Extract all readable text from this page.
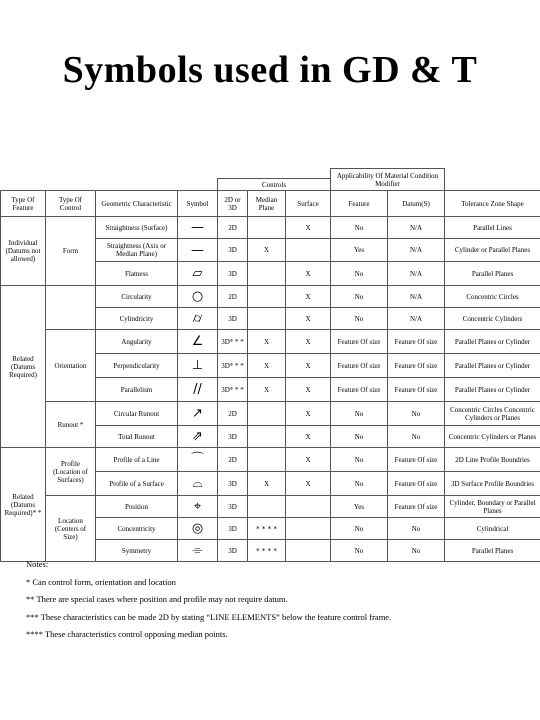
Symbols used in GD & T
							Applicability Of Material Condition Modifier		
				Controls					
Type Of Feature	Type Of Control	Geometric Characteristic	Symbol	2D or 3D	Median Plane	Surface	Feature	Datum(S)	Tolerance Zone Shape
Individual (Datums not allowed)	Form	Straightness (Surface)	—	2D		X	No	N/A	Parallel Lines
		Straightness (Axis or Median Plane)	—	3D	X		Yes	N/A	Cylinder or Parallel Planes
		Flatness	▱	3D		X	No	N/A	Parallel Planes
Related (Datums Required)		Circularity	○	2D		X	No	N/A	Concentric Circles
		Cylindricity	⌭	3D		X	No	N/A	Concentric Cylinders
	Orientation	Angularity	∠	3D* * *	X	X	Feature Of size	Feature Of size	Parallel Planes or Cylinder
		Perpendicularity	⊥	3D* * *	X	X	Feature Of size	Feature Of size	Parallel Planes or Cylinder
		Parallelism	//	3D* * *	X	X	Feature Of size	Feature Of size	Parallel Planes or Cylinder
	Runout *	Circular Runout	↗	2D		X	No	No	Concentric Circles Concentric Cylinders or Planes
		Total Runout	⇗	3D		X	No	No	Concentric Cylinders or Planes
Related (Datums Required)* *	Profile (Location of Surfaces)	Profile of a Line	⌒	2D		X	No	Feature Of size	2D Line Profile Boundries
		Profile of a Surface	⌓	3D	X	X	No	Feature Of size	3D Surface Profile Boundries
	Location (Centers of Size)	Position	⌖	3D			Yes	Feature Of size	Cylinder, Boundary or Parallel Planes
		Concentricity	◎	3D	* * * *		No	No	Cylindrical
		Symmetry	⌯	3D	* * * *		No	No	Parallel Planes
Notes:
* Can control form, orientation and location
** There are special cases where position and profile may not require datum.
*** These characteristics can be made 2D by stating “LINE ELEMENTS” below the feature control frame.
**** These characteristics control opposing median points.
